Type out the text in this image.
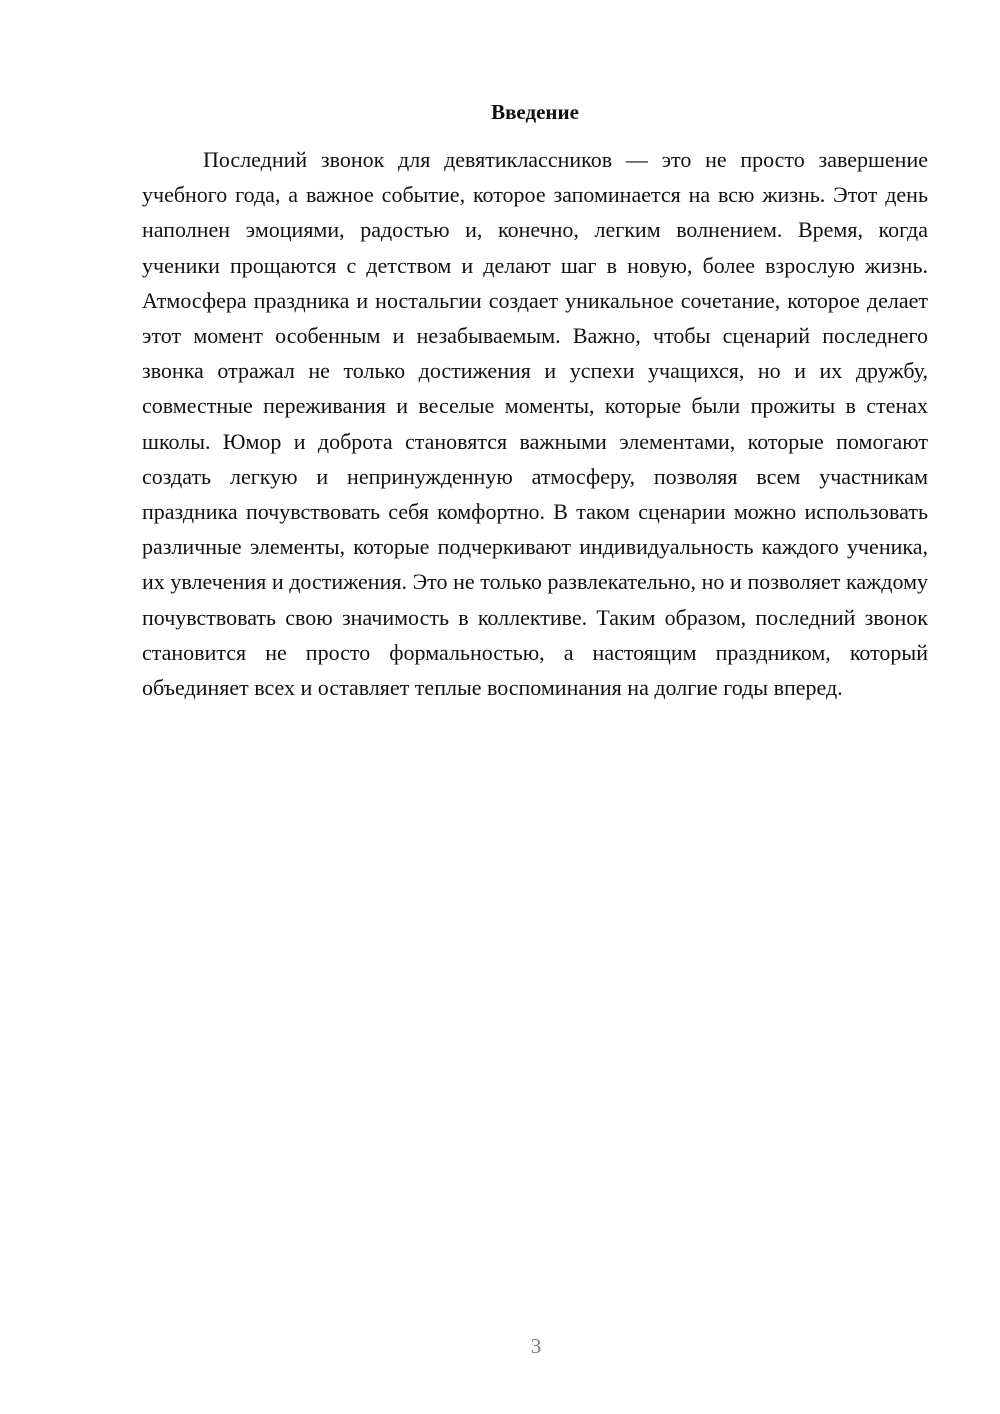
Введение

Последний звонок для девятиклассников — это не просто завершение учебного года, а важное событие, которое запоминается на всю жизнь. Этот день наполнен эмоциями, радостью и, конечно, легким волнением. Время, когда ученики прощаются с детством и делают шаг в новую, более взрослую жизнь. Атмосфера праздника и ностальгии создает уникальное сочетание, которое делает этот момент особенным и незабываемым. Важно, чтобы сценарий последнего звонка отражал не только достижения и успехи учащихся, но и их дружбу, совместные переживания и веселые моменты, которые были прожиты в стенах школы. Юмор и доброта становятся важными элементами, которые помогают создать легкую и непринужденную атмосферу, позволяя всем участникам праздника почувствовать себя комфортно. В таком сценарии можно использовать различные элементы, которые подчеркивают индивидуальность каждого ученика, их увлечения и достижения. Это не только развлекательно, но и позволяет каждому почувствовать свою значимость в коллективе. Таким образом, последний звонок становится не просто формальностью, а настоящим праздником, который объединяет всех и оставляет теплые воспоминания на долгие годы вперед.

3
